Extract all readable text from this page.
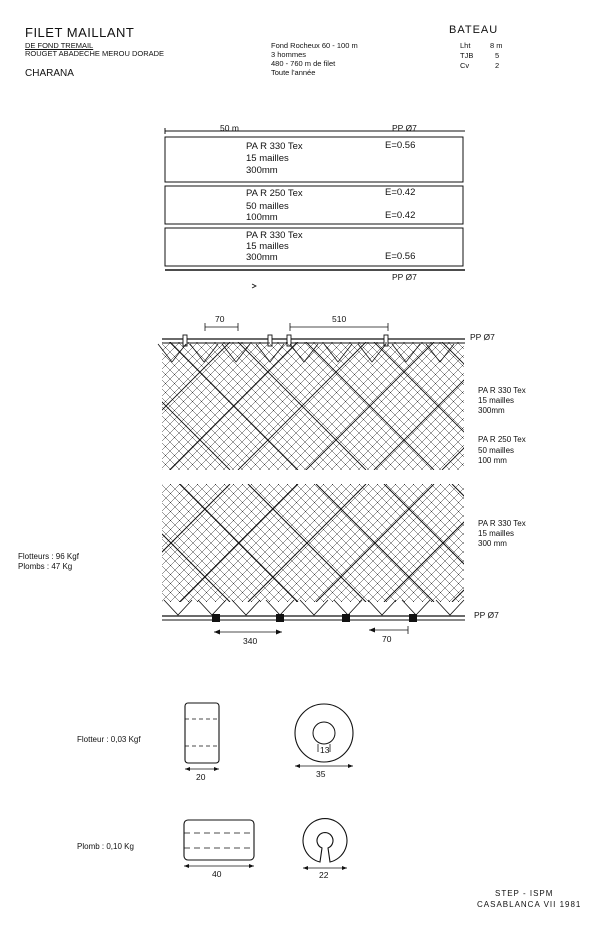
FILET MAILLANT
DE FOND TREMAIL
ROUGET ABADECHE MEROU DORADE
CHARANA
Fond Rocheux 60 - 100 m
3 hommes
480 - 760 m de filet
Toute l'année
BATEAU
Lht	8 m
TJB	5
Cv	2
50 m	PP Ø7
PA R 330 Tex
15 mailles
300mm
E=0.56
PA R 250 Tex
50 mailles
100mm
E=0.42
E=0.42
PA R 330 Tex
15 mailles
300mm	E=0.56
PP Ø7
70	510
PP Ø7
PA R 330 Tex
15 mailles
300mm
PA R 250 Tex
50 mailles
100 mm
PA R 330 Tex
15 mailles
300 mm
Flotteurs : 96 Kgf
Plombs : 47 Kg
PP Ø7
340	70
Flotteur : 0,03 Kgf
20
13
35
Plomb : 0,10 Kg
40	22
STEP - ISPM
CASABLANCA VII 1981
